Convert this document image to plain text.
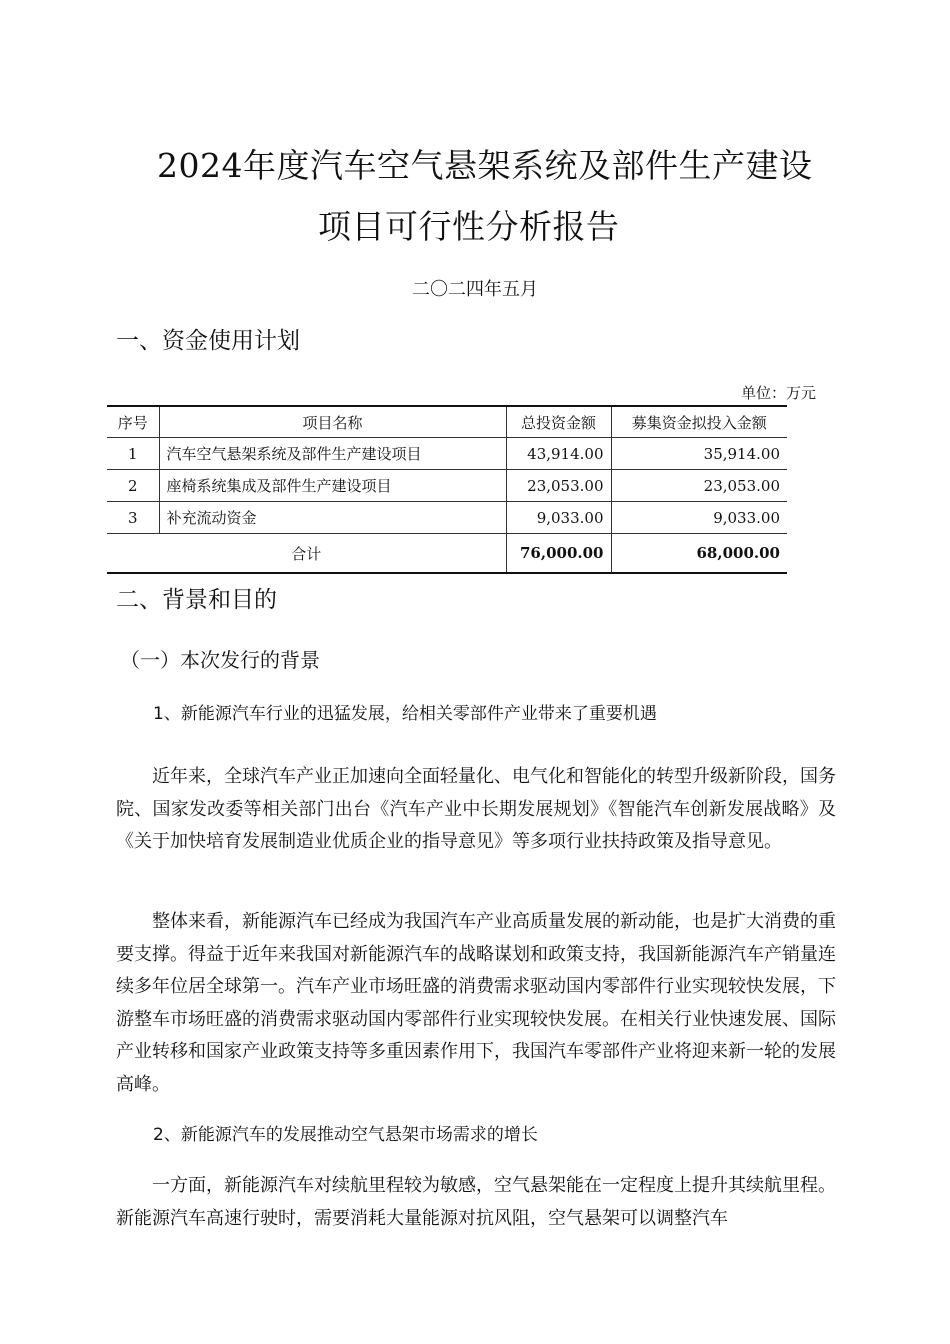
2024年度汽车空气悬架系统及部件生产建设
项目可行性分析报告
二〇二四年五月
一、资金使用计划
单位：万元
序号	项目名称	总投资金额	募集资金拟投入金额
1	汽车空气悬架系统及部件生产建设项目	43,914.00	35,914.00
2	座椅系统集成及部件生产建设项目	23,053.00	23,053.00
3	补充流动资金	9,033.00	9,033.00
合计		76,000.00	68,000.00
二、背景和目的
（一）本次发行的背景
1、新能源汽车行业的迅猛发展，给相关零部件产业带来了重要机遇

近年来，全球汽车产业正加速向全面轻量化、电气化和智能化的转型升级新阶段，国务院、国家发改委等相关部门出台《汽车产业中长期发展规划》《智能汽车创新发展战略》及《关于加快培育发展制造业优质企业的指导意见》等多项行业扶持政策及指导意见。

整体来看，新能源汽车已经成为我国汽车产业高质量发展的新动能，也是扩大消费的重要支撑。得益于近年来我国对新能源汽车的战略谋划和政策支持，我国新能源汽车产销量连续多年位居全球第一。汽车产业市场旺盛的消费需求驱动国内零部件行业实现较快发展，下游整车市场旺盛的消费需求驱动国内零部件行业实现较快发展。在相关行业快速发展、国际产业转移和国家产业政策支持等多重因素作用下，我国汽车零部件产业将迎来新一轮的发展高峰。

2、新能源汽车的发展推动空气悬架市场需求的增长

一方面，新能源汽车对续航里程较为敏感，空气悬架能在一定程度上提升其续航里程。新能源汽车高速行驶时，需要消耗大量能源对抗风阻，空气悬架可以调整汽车
